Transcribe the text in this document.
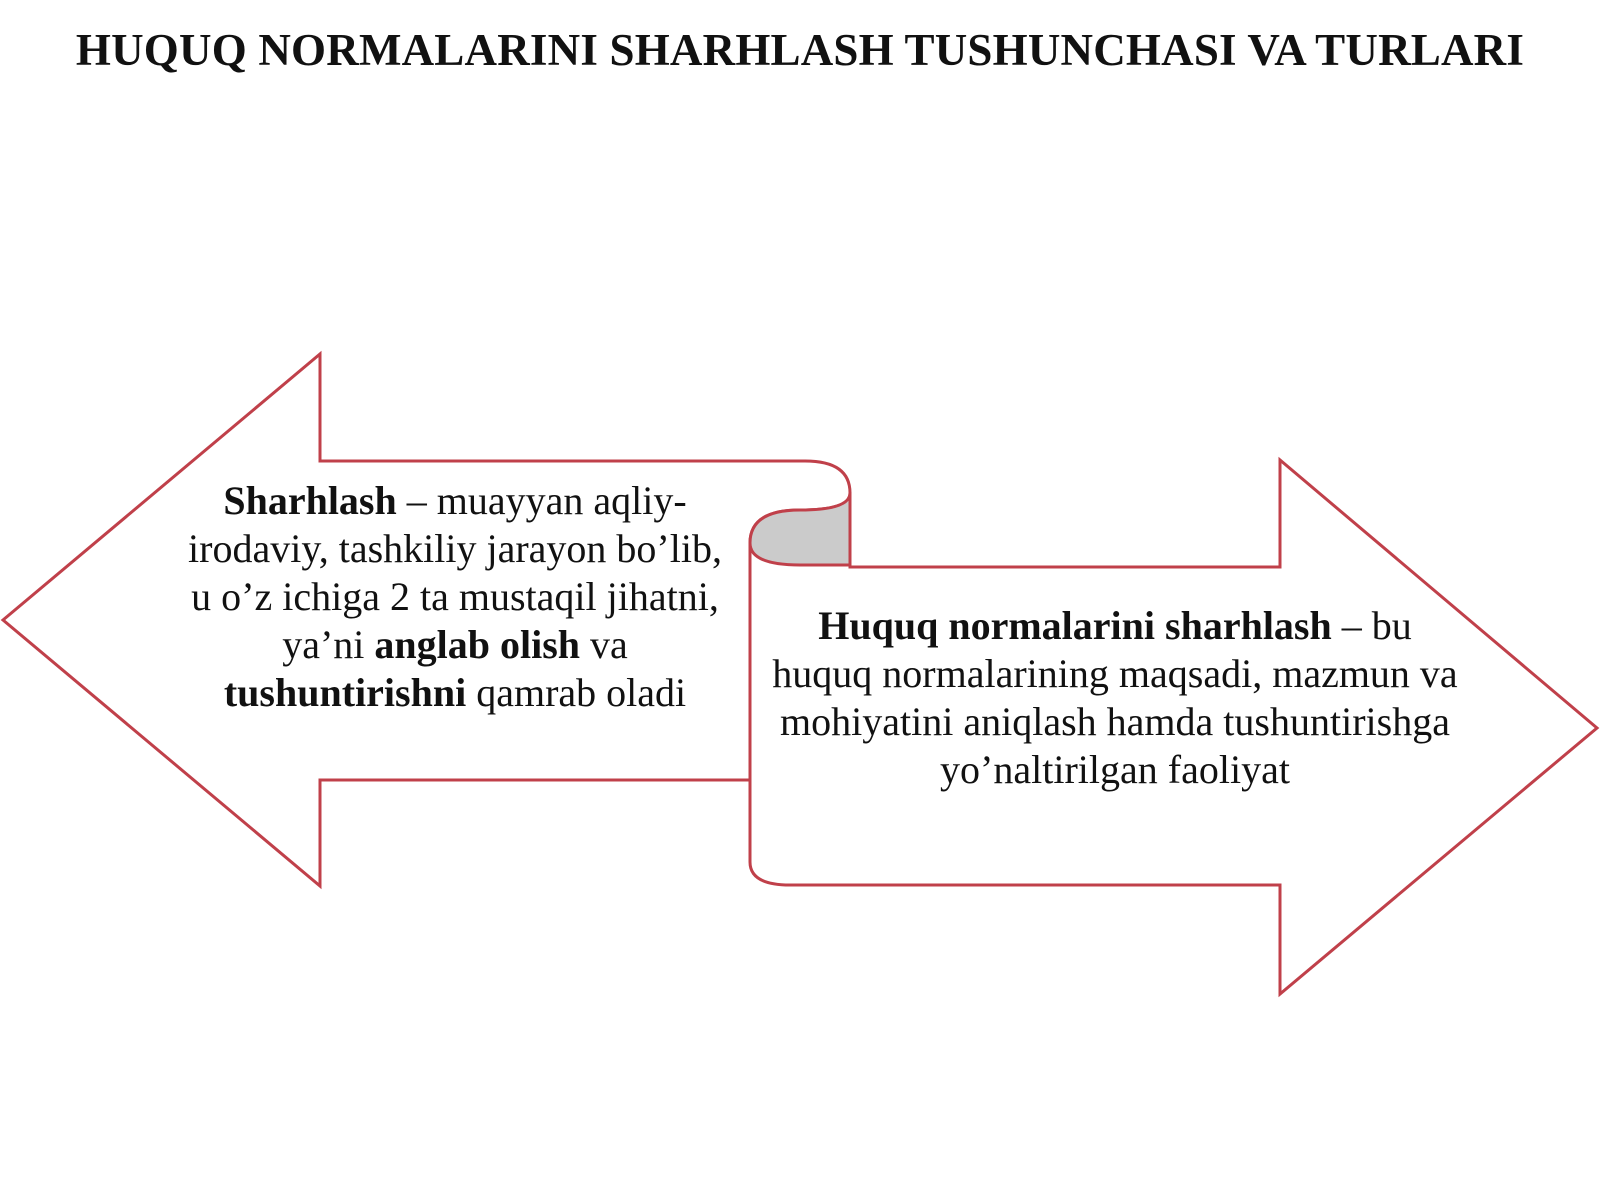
HUQUQ NORMALARINI SHARHLASH TUSHUNCHASI VA TURLARI
Sharhlash – muayyan aqliy-irodaviy, tashkiliy jarayon bo’lib, u o’z ichiga 2 ta mustaqil jihatni, ya’ni anglab olish va tushuntirishni qamrab oladi
Huquq normalarini sharhlash – bu huquq normalarining maqsadi, mazmun va mohiyatini aniqlash hamda tushuntirishga yo’naltirilgan faoliyat
